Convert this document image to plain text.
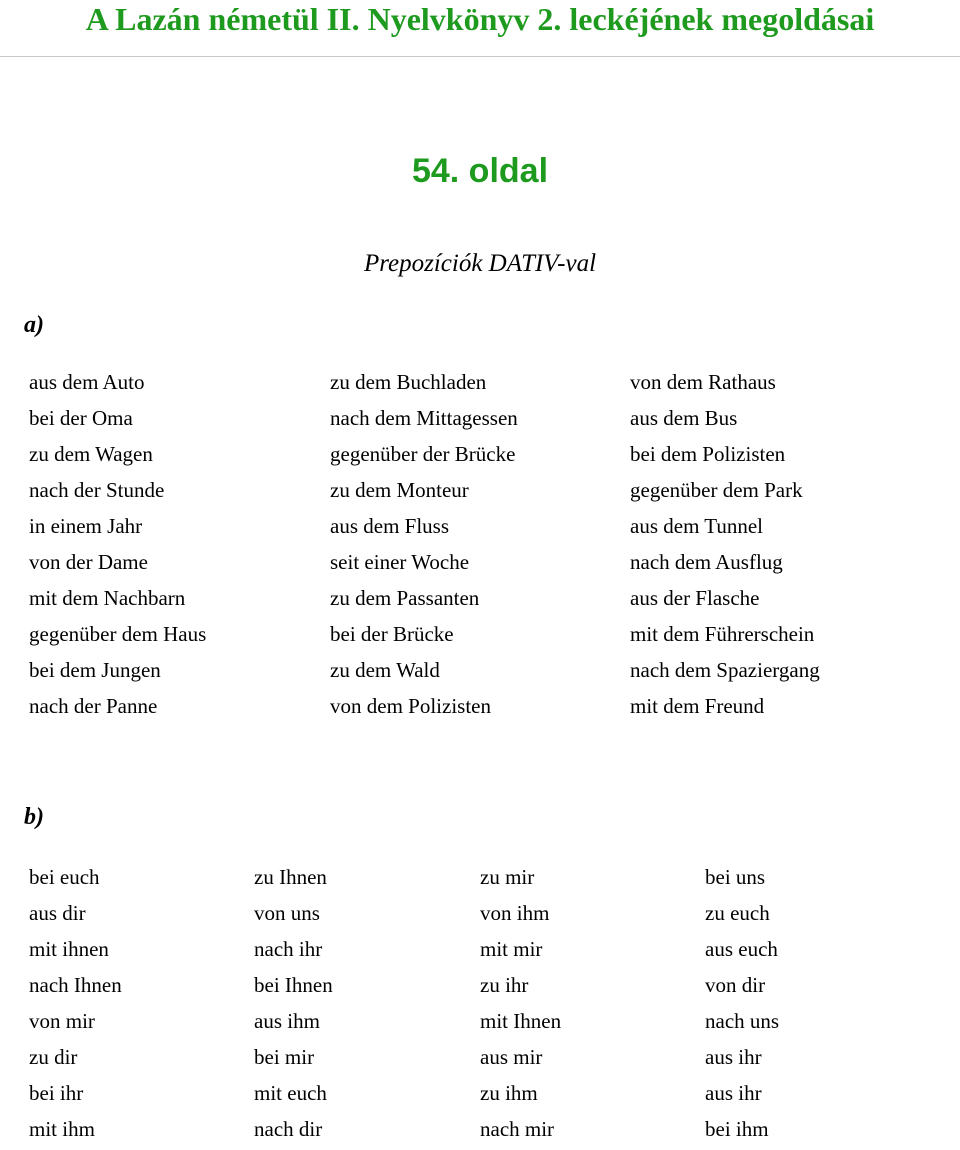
A Lazán németül II. Nyelvkönyv 2. leckéjének megoldásai
54. oldal
Prepozíciók DATIV-val
a)
aus dem Auto
bei der Oma
zu dem Wagen
nach der Stunde
in einem Jahr
von der Dame
mit dem Nachbarn
gegenüber dem Haus
bei dem Jungen
nach der Panne
zu dem Buchladen
nach dem Mittagessen
gegenüber der Brücke
zu dem Monteur
aus dem Fluss
seit einer Woche
zu dem Passanten
bei der Brücke
zu dem Wald
von dem Polizisten
von dem Rathaus
aus dem Bus
bei dem Polizisten
gegenüber dem Park
aus dem Tunnel
nach dem Ausflug
aus der Flasche
mit dem Führerschein
nach dem Spaziergang
mit dem Freund
b)
bei euch
aus dir
mit ihnen
nach Ihnen
von mir
zu dir
bei ihr
mit ihm
zu Ihnen
von uns
nach ihr
bei Ihnen
aus ihm
bei mir
mit euch
nach dir
zu mir
von ihm
mit mir
zu ihr
mit Ihnen
aus mir
zu ihm
nach mir
bei uns
zu euch
aus euch
von dir
nach uns
aus ihr
aus ihr
bei ihm
